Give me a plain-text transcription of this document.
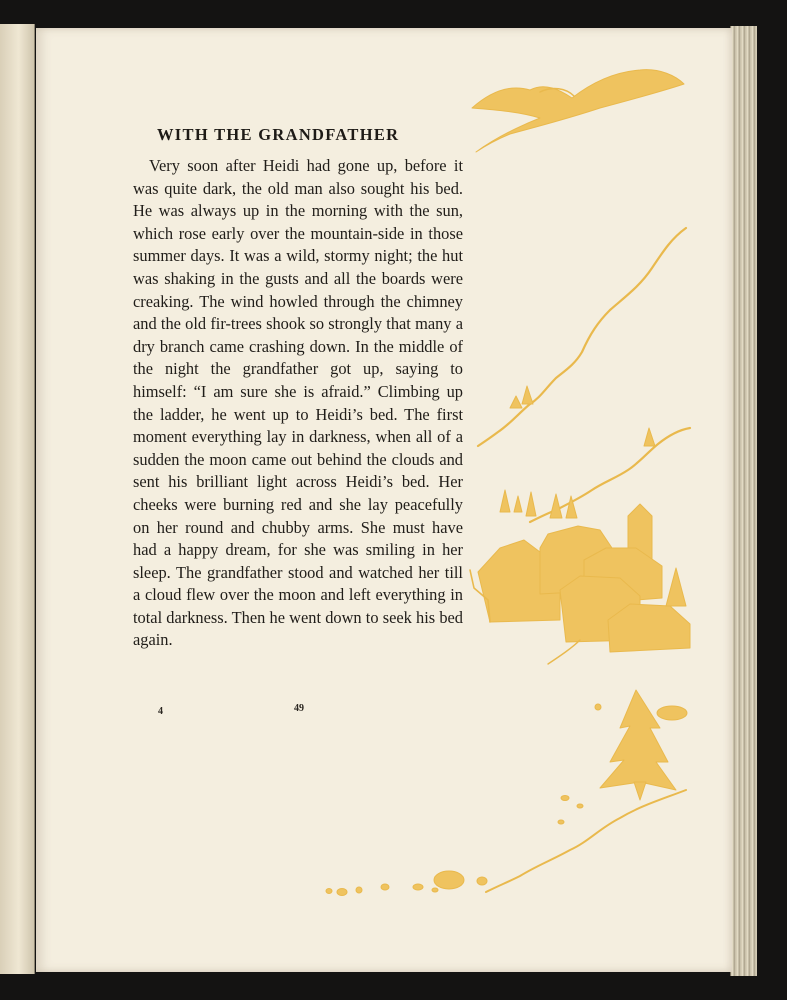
WITH THE GRANDFATHER

Very soon after Heidi had gone up, before it was quite dark, the old man also sought his bed. He was always up in the morning with the sun, which rose early over the mountain-side in those summer days. It was a wild, stormy night; the hut was shaking in the gusts and all the boards were creaking. The wind howled through the chimney and the old fir-trees shook so strongly that many a dry branch came crashing down. In the middle of the night the grandfather got up, saying to himself: “I am sure she is afraid.” Climbing up the ladder, he went up to Heidi’s bed. The first moment everything lay in darkness, when all of a sudden the moon came out behind the clouds and sent his brilliant light across Heidi’s bed. Her cheeks were burning red and she lay peacefully on her round and chubby arms. She must have had a happy dream, for she was smiling in her sleep. The grandfather stood and watched her till a cloud flew over the moon and left everything in total darkness. Then he went down to seek his bed again.

4	49
